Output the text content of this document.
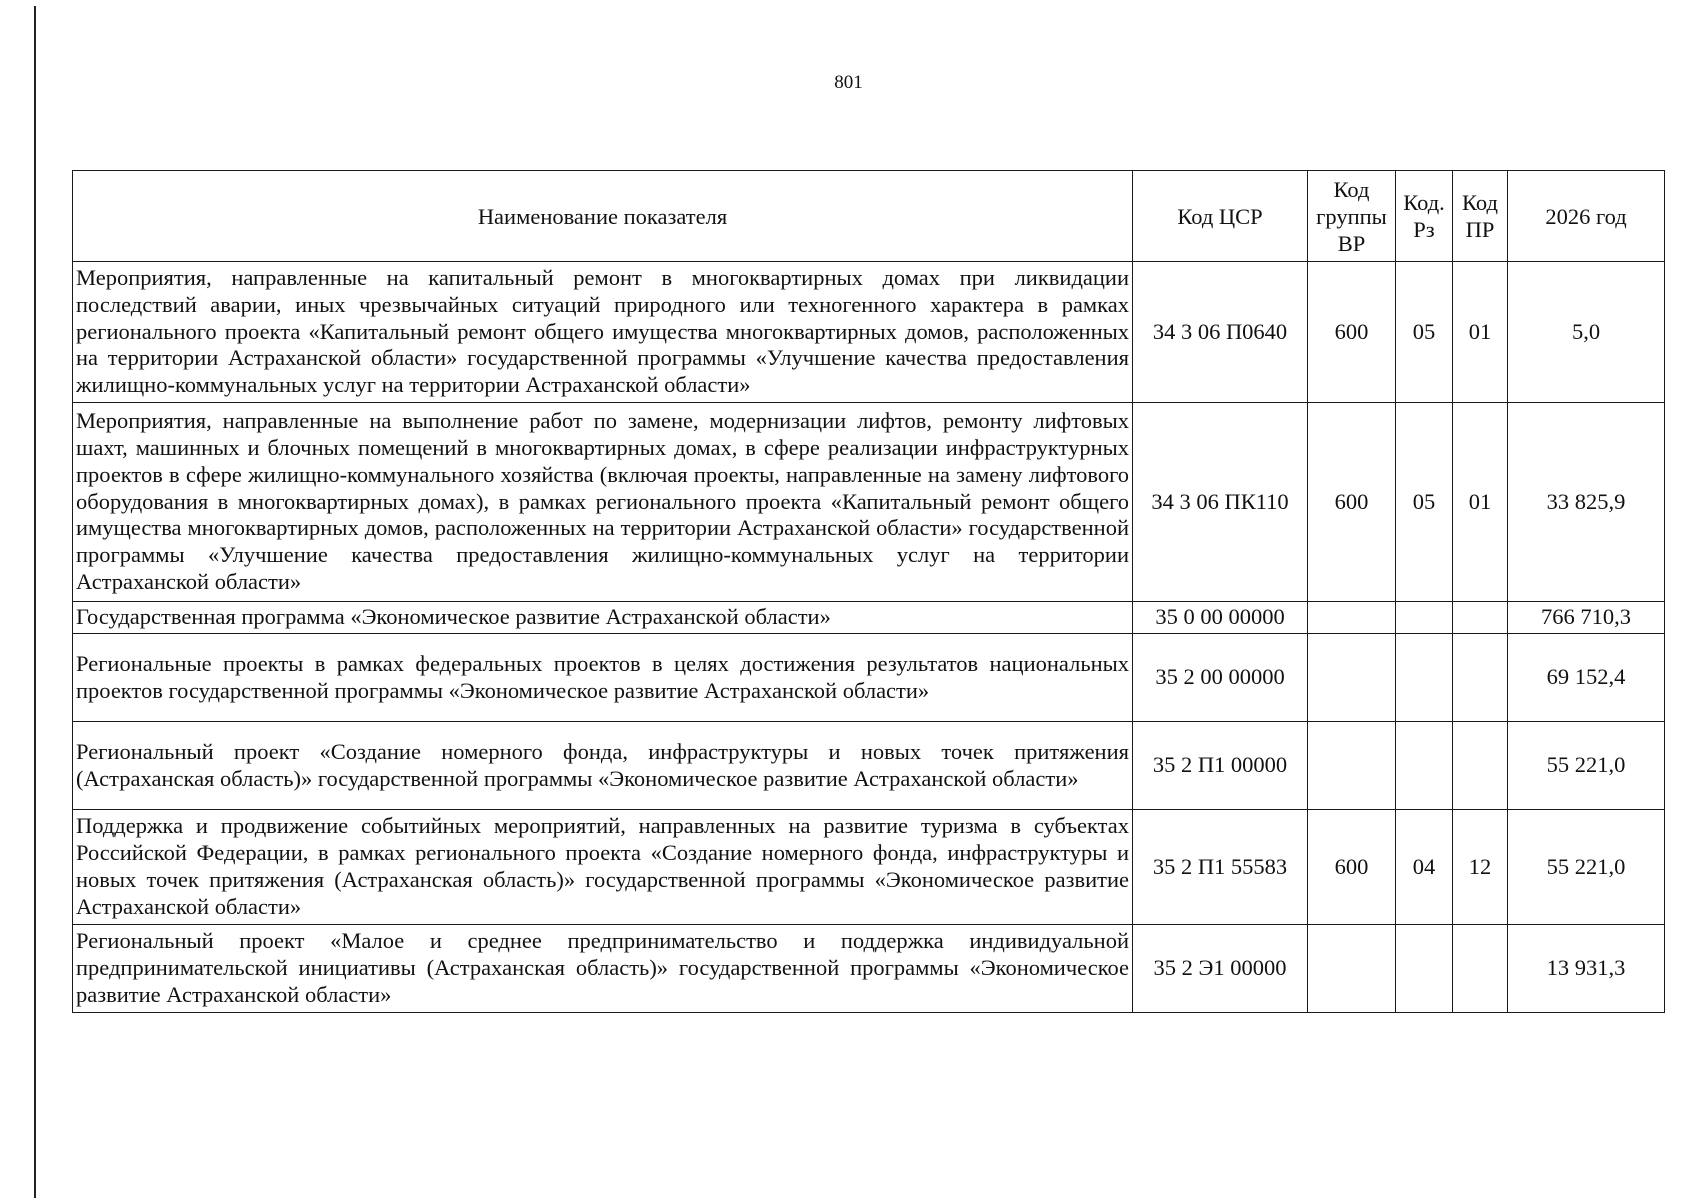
801
Наименование показателя	Код ЦСР	Код группы ВР	Код. Рз	Код ПР	2026 год
Мероприятия, направленные на капитальный ремонт в многоквартирных домах при ликвидации последствий аварии, иных чрезвычайных ситуаций природного или техногенного характера в рамках регионального проекта «Капитальный ремонт общего имущества многоквартирных домов, расположенных на территории Астраханской области» государственной программы «Улучшение качества предоставления жилищно-коммунальных услуг на территории Астраханской области»	34 3 06 П0640	600	05	01	5,0
Мероприятия, направленные на выполнение работ по замене, модернизации лифтов, ремонту лифтовых шахт, машинных и блочных помещений в многоквартирных домах, в сфере реализации инфраструктурных проектов в сфере жилищно-коммунального хозяйства (включая проекты, направленные на замену лифтового оборудования в многоквартирных домах), в рамках регионального проекта «Капитальный ремонт общего имущества многоквартирных домов, расположенных на территории Астраханской области» государственной программы «Улучшение качества предоставления жилищно-коммунальных услуг на территории Астраханской области»	34 3 06 ПК110	600	05	01	33 825,9
Государственная программа «Экономическое развитие Астраханской области»	35 0 00 00000				766 710,3
Региональные проекты в рамках федеральных проектов в целях достижения результатов национальных проектов государственной программы «Экономическое развитие Астраханской области»	35 2 00 00000				69 152,4
Региональный проект «Создание номерного фонда, инфраструктуры и новых точек притяжения (Астраханская область)» государственной программы «Экономическое развитие Астраханской области»	35 2 П1 00000				55 221,0
Поддержка и продвижение событийных мероприятий, направленных на развитие туризма в субъектах Российской Федерации, в рамках регионального проекта «Создание номерного фонда, инфраструктуры и новых точек притяжения (Астраханская область)» государственной программы «Экономическое развитие Астраханской области»	35 2 П1 55583	600	04	12	55 221,0
Региональный проект «Малое и среднее предпринимательство и поддержка индивидуальной предпринимательской инициативы (Астраханская область)» государственной программы «Экономическое развитие Астраханской области»	35 2 Э1 00000				13 931,3
